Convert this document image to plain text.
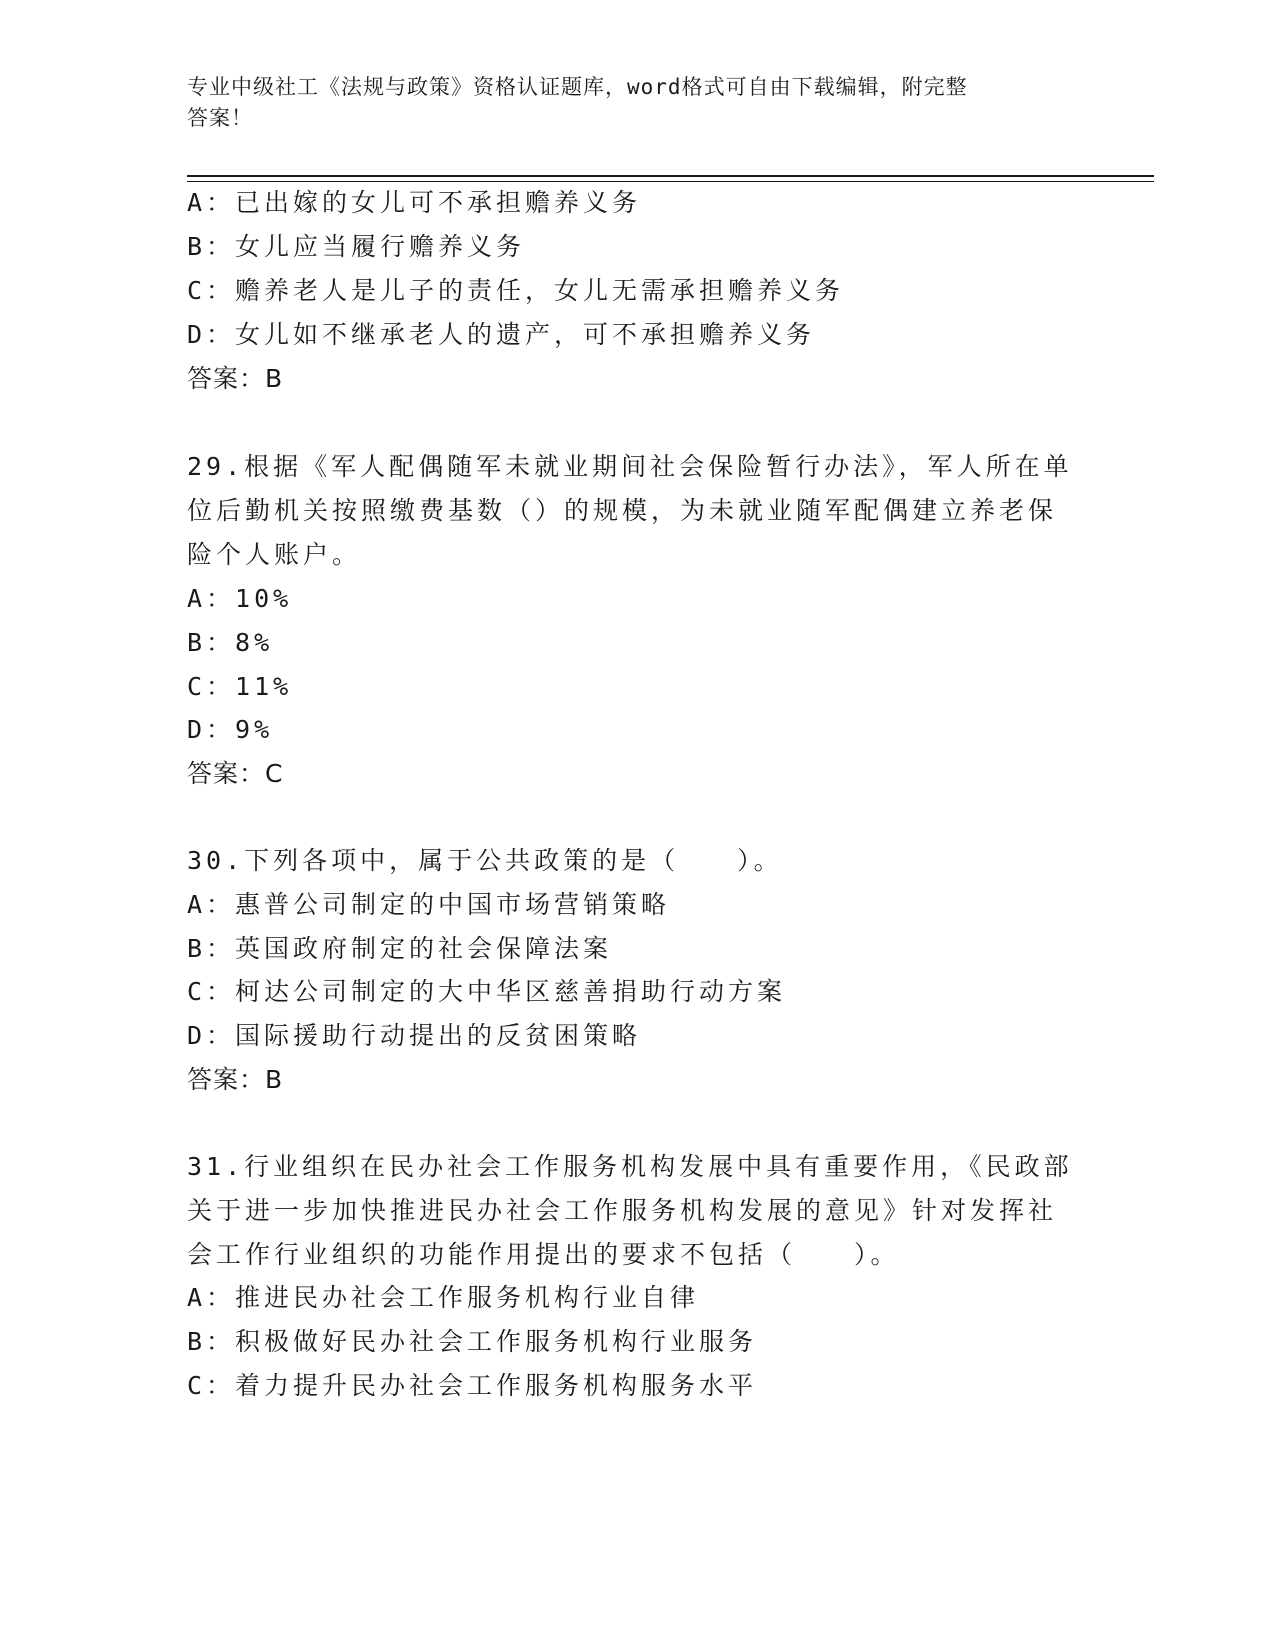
专业中级社工《法规与政策》资格认证题库，word格式可自由下载编辑，附完整
答案！
A：已出嫁的女儿可不承担赡养义务
B：女儿应当履行赡养义务
C：赡养老人是儿子的责任，女儿无需承担赡养义务
D：女儿如不继承老人的遗产，可不承担赡养义务
答案：B
29.根据《军人配偶随军未就业期间社会保险暂行办法》，军人所在单
位后勤机关按照缴费基数（）的规模，为未就业随军配偶建立养老保
险个人账户。
A：10%
B：8%
C：11%
D：9%
答案：C
30.下列各项中，属于公共政策的是（　　）。
A：惠普公司制定的中国市场营销策略
B：英国政府制定的社会保障法案
C：柯达公司制定的大中华区慈善捐助行动方案
D：国际援助行动提出的反贫困策略
答案：B
31.行业组织在民办社会工作服务机构发展中具有重要作用，《民政部
关于进一步加快推进民办社会工作服务机构发展的意见》针对发挥社
会工作行业组织的功能作用提出的要求不包括（　　）。
A：推进民办社会工作服务机构行业自律
B：积极做好民办社会工作服务机构行业服务
C：着力提升民办社会工作服务机构服务水平
